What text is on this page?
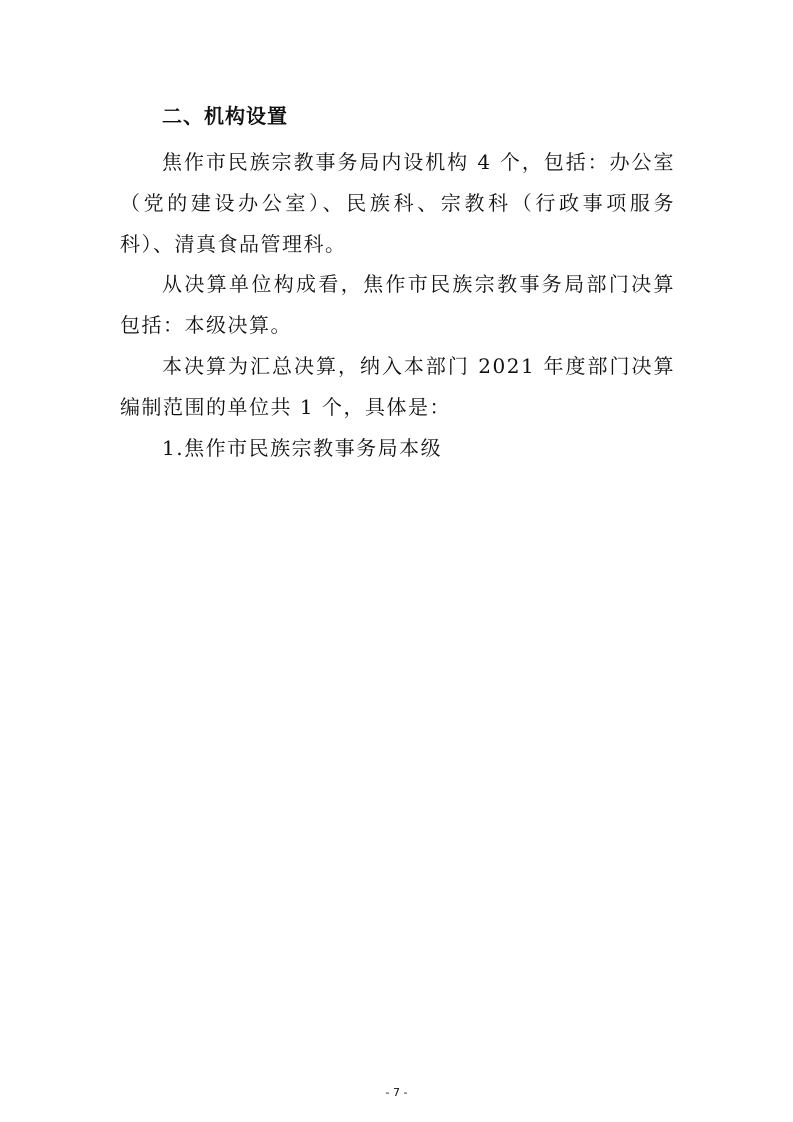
二、机构设置

焦作市民族宗教事务局内设机构 4 个，包括：办公室（党的建设办公室）、民族科、宗教科（行政事项服务科）、清真食品管理科。

从决算单位构成看，焦作市民族宗教事务局部门决算包括：本级决算。

本决算为汇总决算，纳入本部门 2021 年度部门决算编制范围的单位共 1 个，具体是：

1.焦作市民族宗教事务局本级

- 7 -
